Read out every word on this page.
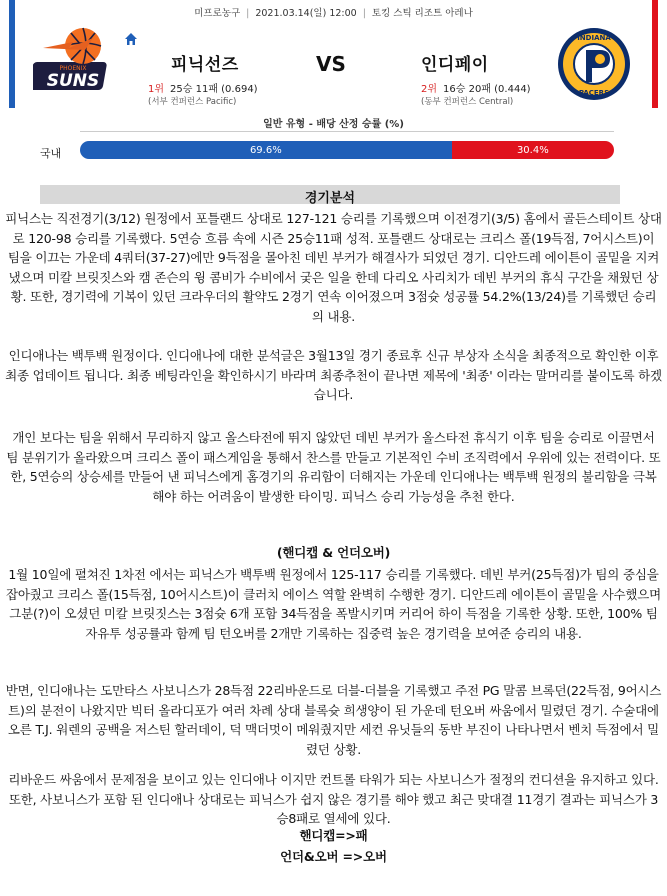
미프로농구 | 2021.03.14(일) 12:00 | 토킹 스틱 리조트 아레나
PHOENIX
SUNS
INDIANA
PACERS
피닉선즈	VS	인디페이
1위 25승 11패 (0.694)
(서부 컨퍼런스 Pacific)
2위 16승 20패 (0.444)
(동부 컨퍼런스 Central)
일반 유형 - 배당 산정 승률 (%)
국내	69.6%	30.4%
경기분석

피닉스는 직전경기(3/12) 원정에서 포틀랜드 상대로 127-121 승리를 기록했으며 이전경기(3/5) 홈에서 골든스테이트 상대로 120-98 승리를 기록했다. 5연승 흐름 속에 시즌 25승11패 성적. 포틀랜드 상대로는 크리스 폴(19득점, 7어시스트)이 팀을 이끄는 가운데 4쿼터(37-27)에만 9득점을 몰아친 데빈 부커가 해결사가 되었던 경기. 디안드레 에이튼이 골밑을 지켜냈으며 미칼 브릿짓스와 캠 존슨의 윙 콤비가 수비에서 궂은 일을 한데 다리오 사리치가 데빈 부커의 휴식 구간을 채웠던 상황. 또한, 경기력에 기복이 있던 크라우더의 활약도 2경기 연속 이어졌으며 3점슛 성공률 54.2%(13/24)를 기록했던 승리의 내용.

인디애나는 백투백 원정이다. 인디애나에 대한 분석글은 3월13일 경기 종료후 신규 부상자 소식을 최종적으로 확인한 이후 최종 업데이트 됩니다. 최종 베팅라인을 확인하시기 바라며 최종추천이 끝나면 제목에 '최종' 이라는 말머리를 붙이도록 하겠습니다.

개인 보다는 팀을 위해서 무리하지 않고 올스타전에 뛰지 않았던 데빈 부커가 올스타전 휴식기 이후 팀을 승리로 이끌면서 팀 분위기가 올라왔으며 크리스 폴이 패스게임을 통해서 찬스를 만들고 기본적인 수비 조직력에서 우위에 있는 전력이다. 또한, 5연승의 상승세를 만들어 낸 피닉스에게 홈경기의 유리함이 더해지는 가운데 인디애나는 백투백 원정의 불리함을 극복해야 하는 어려움이 발생한 타이밍. 피닉스 승리 가능성을 추천 한다.

(핸디캡 & 언더오버)

1월 10일에 펼쳐진 1차전 에서는 피닉스가 백투백 원정에서 125-117 승리를 기록했다. 데빈 부커(25득점)가 팀의 중심을 잡아줬고 크리스 폴(15득점, 10어시스트)이 클러치 에이스 역할 완벽히 수행한 경기. 디안드레 에이튼이 골밑을 사수했으며 그분(?)이 오셨던 미칼 브릿짓스는 3점슛 6개 포함 34득점을 폭발시키며 커리어 하이 득점을 기록한 상황. 또한, 100% 팀 자유투 성공률과 함께 팀 턴오버를 2개만 기록하는 집중력 높은 경기력을 보여준 승리의 내용.

반면, 인디애나는 도만타스 사보니스가 28득점 22리바운드로 더블-더블을 기록했고 주전 PG 말콤 브록던(22득점, 9어시스트)의 분전이 나왔지만 빅터 올라디포가 여러 차례 상대 블록슛 희생양이 된 가운데 턴오버 싸움에서 밀렸던 경기. 수술대에 오른 T.J. 워렌의 공백을 저스틴 할러데이, 덕 맥더멋이 메워줬지만 세컨 유닛들의 동반 부진이 나타나면서 벤치 득점에서 밀렸던 상황.

리바운드 싸움에서 문제점을 보이고 있는 인디애나 이지만 컨트롤 타워가 되는 사보니스가 절정의 컨디션을 유지하고 있다. 또한, 사보니스가 포함 된 인디애나 상대로는 피닉스가 쉽지 않은 경기를 해야 했고 최근 맞대결 11경기 결과는 피닉스가 3승8패로 열세에 있다.

핸디캡=>패

언더&오버 =>오버
